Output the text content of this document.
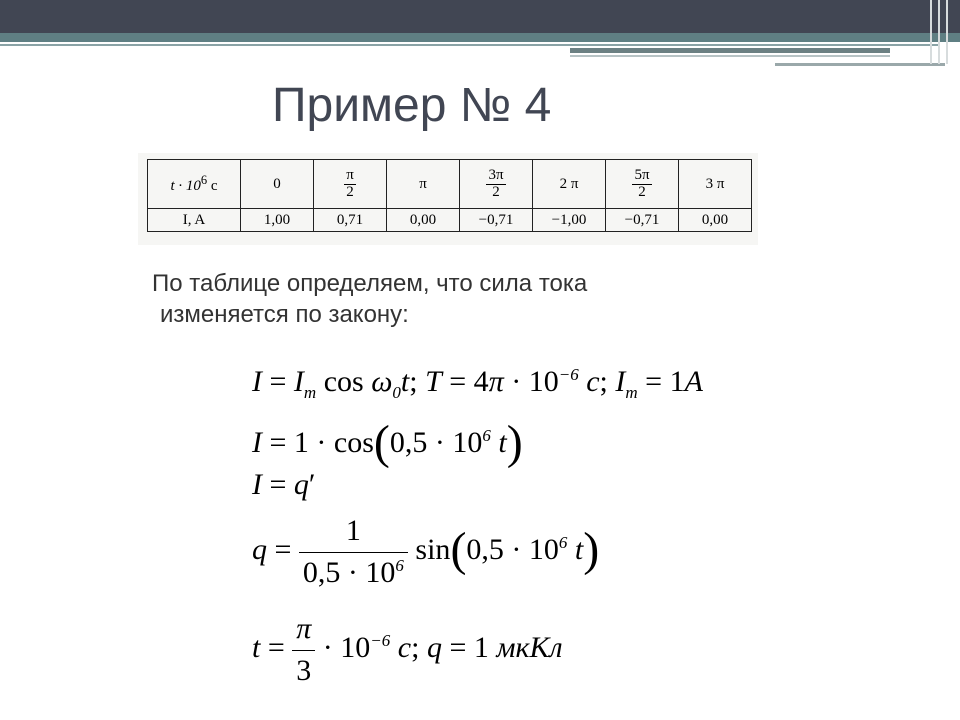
Пример № 4
$t \cdot 10^6$ c	0	$\frac{\pi}{2}$	π	$\frac{3\pi}{2}$	2 π	$\frac{5\pi}{2}$	3 π
I, A	1,00	0,71	0,00	−0,71	−1,00	−0,71	0,00
По таблице определяем, что сила тока
изменяется по закону:
$I = I_m$ $\cos \omega_0t$; $T = 4\pi \cdot 10^{-6}$ c; $I_m = 1A$
$I = 1 \cdot \cos(0,5 \cdot 10^6$ t)
I = q′
$q = \frac{1}{0,5 \cdot 10^6} \sin(0,5 \cdot 10^6$ t)
$t = \frac{\pi}{3} \cdot 10^{-6}$ c; q = 1 мкКл
